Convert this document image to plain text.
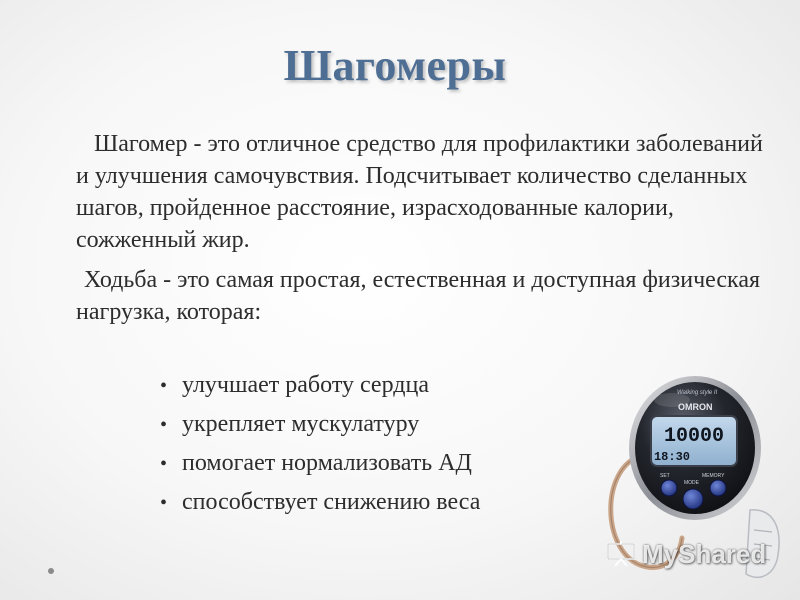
Шагомеры

Шагомер - это отличное средство для профилактики заболеваний и улучшения самочувствия. Подсчитывает количество сделанных шагов, пройденное расстояние, израсходованные калории, сожженный жир.

Ходьба - это самая простая, естественная и доступная физическая нагрузка, которая:

• улучшает работу сердца
• укрепляет мускулатуру
• помогает нормализовать АД
• способствует снижению веса
Walking style II
OMRON
10000
18:30
SET	MEMORY
MODE
MyShared
